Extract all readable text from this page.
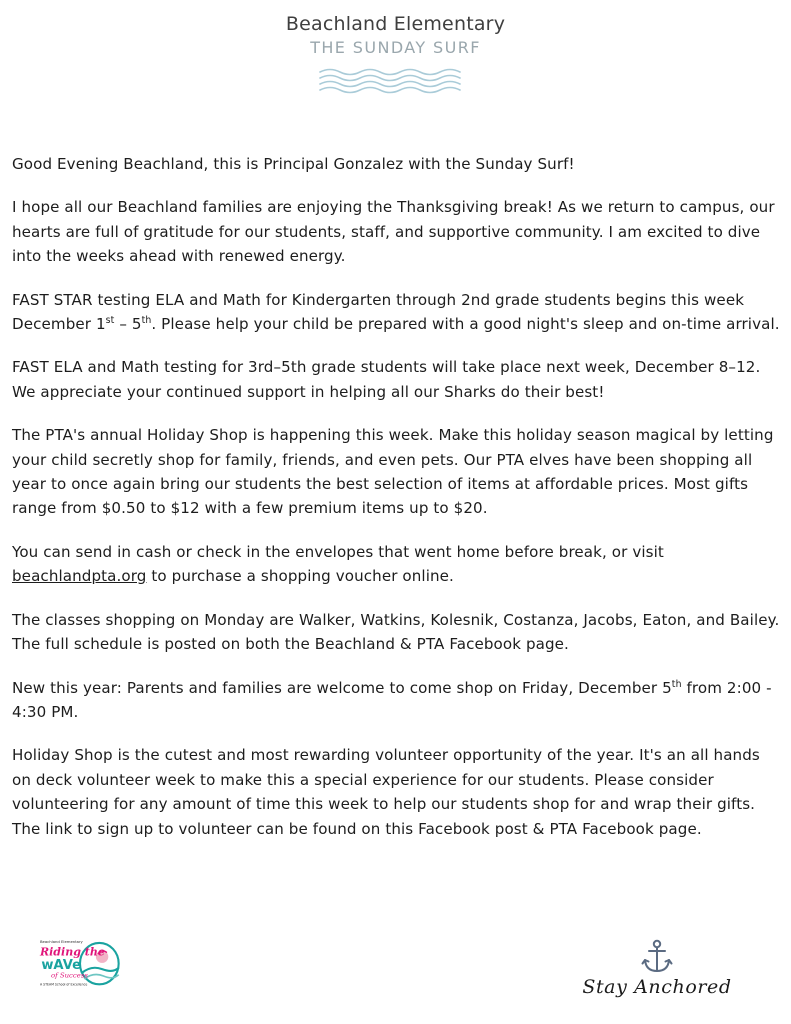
Beachland Elementary
THE SUNDAY SURF

Good Evening Beachland, this is Principal Gonzalez with the Sunday Surf!

I hope all our Beachland families are enjoying the Thanksgiving break! As we return to campus, our hearts are full of gratitude for our students, staff, and supportive community. I am excited to dive into the weeks ahead with renewed energy.

FAST STAR testing ELA and Math for Kindergarten through 2nd grade students begins this week December 1st – 5th. Please help your child be prepared with a good night's sleep and on-time arrival.

FAST ELA and Math testing for 3rd–5th grade students will take place next week, December 8–12. We appreciate your continued support in helping all our Sharks do their best!

The PTA's annual Holiday Shop is happening this week. Make this holiday season magical by letting your child secretly shop for family, friends, and even pets. Our PTA elves have been shopping all year to once again bring our students the best selection of items at affordable prices. Most gifts range from $0.50 to $12 with a few premium items up to $20.

You can send in cash or check in the envelopes that went home before break, or visit beachlandpta.org to purchase a shopping voucher online.

The classes shopping on Monday are Walker, Watkins, Kolesnik, Costanza, Jacobs, Eaton, and Bailey. The full schedule is posted on both the Beachland & PTA Facebook page.

New this year: Parents and families are welcome to come shop on Friday, December 5th from 2:00 - 4:30 PM.

Holiday Shop is the cutest and most rewarding volunteer opportunity of the year. It's an all hands on deck volunteer week to make this a special experience for our students. Please consider volunteering for any amount of time this week to help our students shop for and wrap their gifts.

The link to sign up to volunteer can be found on this Facebook post & PTA Facebook page.

Beachland Elementary
Riding the
wAVe
of Success
A STEAM School of Excellence	Stay Anchored
